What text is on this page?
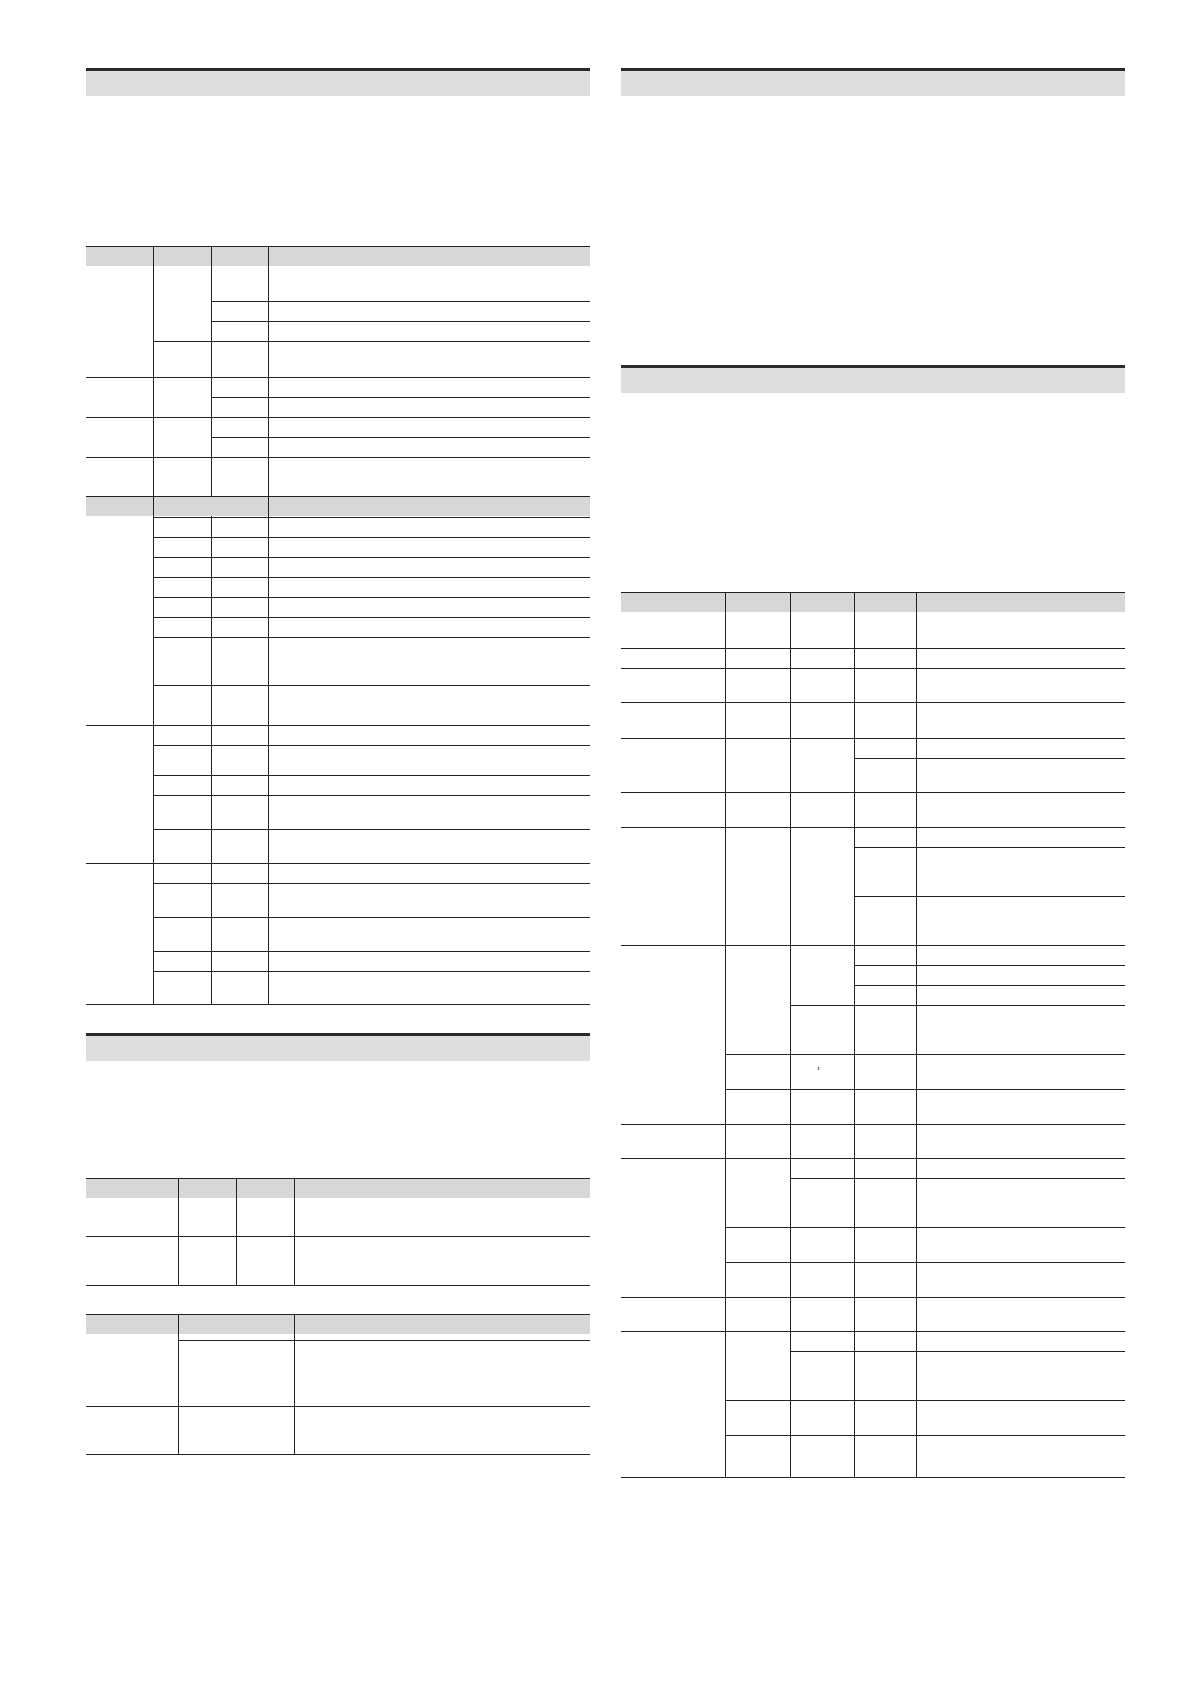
ʾ
